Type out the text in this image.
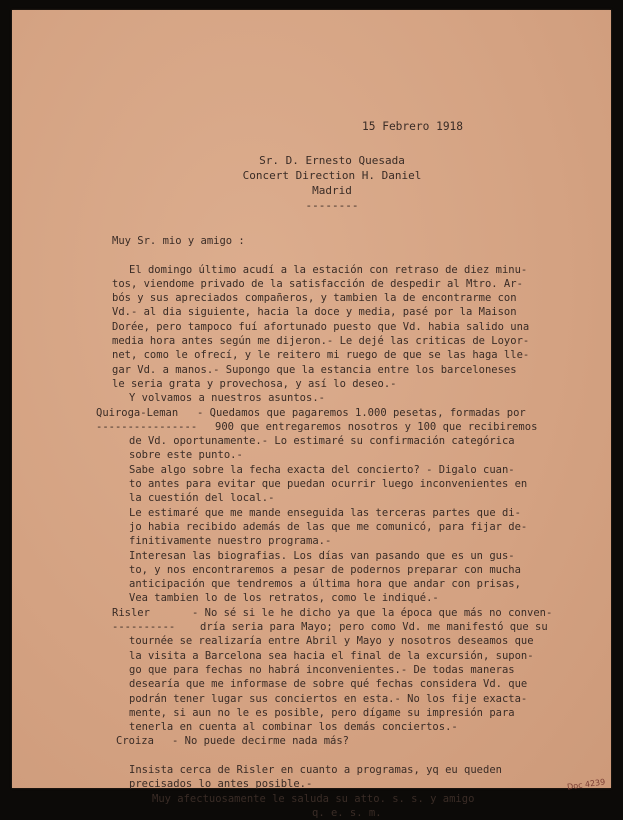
15 Febrero 1918
Sr. D. Ernesto Quesada
Concert Direction H. Daniel
Madrid
--------
Muy Sr. mio y amigo :
El domingo último acudí a la estación con retraso de diez minu-
tos, viendome privado de la satisfacción de despedir al Mtro. Ar-
bós y sus apreciados compañeros, y tambien la de encontrarme con
Vd.- al dia siguiente, hacia la doce y media, pasé por la Maison
Dorée, pero tampoco fuí afortunado puesto que Vd. habia salido una
media hora antes según me dijeron.- Le dejé las criticas de Loyor-
net, como le ofrecí, y le reitero mi ruego de que se las haga lle-
gar Vd. a manos.- Supongo que la estancia entre los barceloneses
le seria grata y provechosa, y así lo deseo.-
Y volvamos a nuestros asuntos.-
Quiroga-Leman - Quedamos que pagaremos 1.000 pesetas, formadas por
---------------- 900 que entregaremos nosotros y 100 que recibiremos
de Vd. oportunamente.- Lo estimaré su confirmación categórica
sobre este punto.-
Sabe algo sobre la fecha exacta del concierto? - Digalo cuan-
to antes para evitar que puedan ocurrir luego inconvenientes en
la cuestión del local.-
Le estimaré que me mande enseguida las terceras partes que di-
jo habia recibido además de las que me comunicó, para fijar de-
finitivamente nuestro programa.-
Interesan las biografias. Los días van pasando que es un gus-
to, y nos encontraremos a pesar de podernos preparar con mucha
anticipación que tendremos a última hora que andar con prisas,
Vea tambien lo de los retratos, como le indiqué.-
Risler	- No sé si le he dicho ya que la época que más no conven-
---------- dría seria para Mayo; pero como Vd. me manifestó que su
tournée se realizaría entre Abril y Mayo y nosotros deseamos que
la visita a Barcelona sea hacia el final de la excursión, supon-
go que para fechas no habrá inconvenientes.- De todas maneras
desearía que me informase de sobre qué fechas considera Vd. que
podrán tener lugar sus conciertos en esta.- No los fije exacta-
mente, si aun no le es posible, pero dígame su impresión para
tenerla en cuenta al combinar los demás conciertos.-
Croiza - No puede decirme nada más?
Insista cerca de Risler en cuanto a programas, yq eu queden
precisados lo antes posible.-
Muy afectuosamente le saluda su atto. s. s. y amigo
q. e. s. m.
Doc 4239
